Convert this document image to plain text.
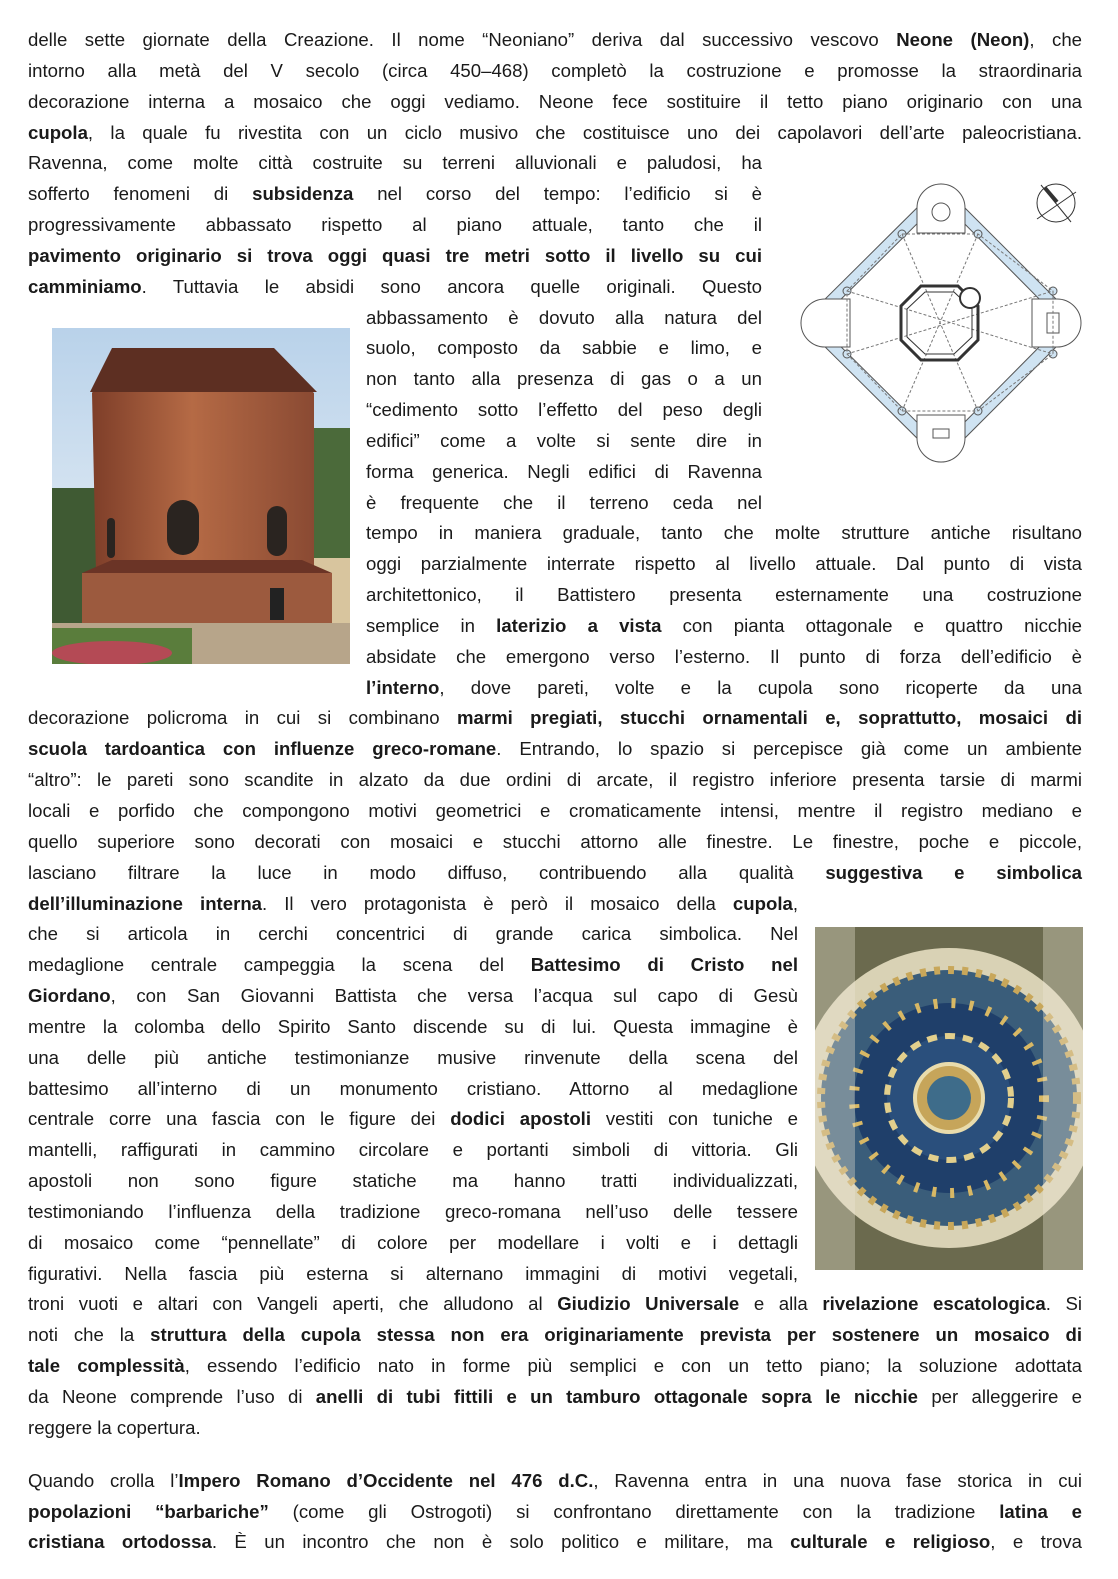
delle sette giornate della Creazione. Il nome “Neoniano” deriva dal successivo vescovo Neone (Neon), che
intorno alla metà del V secolo (circa 450–468) completò la costruzione e promosse la straordinaria
decorazione interna a mosaico che oggi vediamo. Neone fece sostituire il tetto piano originario con una
cupola, la quale fu rivestita con un ciclo musivo che costituisce uno dei capolavori dell’arte paleocristiana.
Ravenna, come molte città costruite su terreni alluvionali e paludosi, ha
sofferto fenomeni di subsidenza nel corso del tempo: l’edificio si è
progressivamente abbassato rispetto al piano attuale, tanto che il
pavimento originario si trova oggi quasi tre metri sotto il livello su cui
camminiamo. Tuttavia le absidi sono ancora quelle originali. Questo
abbassamento è dovuto alla natura del
suolo, composto da sabbie e limo, e
non tanto alla presenza di gas o a un
“cedimento sotto l’effetto del peso degli
edifici” come a volte si sente dire in
forma generica. Negli edifici di Ravenna
è frequente che il terreno ceda nel
tempo in maniera graduale, tanto che molte strutture antiche risultano
oggi parzialmente interrate rispetto al livello attuale. Dal punto di vista
architettonico, il Battistero presenta esternamente una costruzione
semplice in laterizio a vista con pianta ottagonale e quattro nicchie
absidate che emergono verso l’esterno. Il punto di forza dell’edificio è
l’interno, dove pareti, volte e la cupola sono ricoperte da una
decorazione policroma in cui si combinano marmi pregiati, stucchi ornamentali e, soprattutto, mosaici di
scuola tardoantica con influenze greco-romane. Entrando, lo spazio si percepisce già come un ambiente
“altro”: le pareti sono scandite in alzato da due ordini di arcate, il registro inferiore presenta tarsie di marmi
locali e porfido che compongono motivi geometrici e cromaticamente intensi, mentre il registro mediano e
quello superiore sono decorati con mosaici e stucchi attorno alle finestre. Le finestre, poche e piccole,
lasciano filtrare la luce in modo diffuso, contribuendo alla qualità suggestiva e simbolica
dell’illuminazione interna. Il vero protagonista è però il mosaico della cupola,
che si articola in cerchi concentrici di grande carica simbolica. Nel
medaglione centrale campeggia la scena del Battesimo di Cristo nel
Giordano, con San Giovanni Battista che versa l’acqua sul capo di Gesù
mentre la colomba dello Spirito Santo discende su di lui. Questa immagine è
una delle più antiche testimonianze musive rinvenute della scena del
battesimo all’interno di un monumento cristiano. Attorno al medaglione
centrale corre una fascia con le figure dei dodici apostoli vestiti con tuniche e
mantelli, raffigurati in cammino circolare e portanti simboli di vittoria. Gli
apostoli non sono figure statiche ma hanno tratti individualizzati,
testimoniando l’influenza della tradizione greco-romana nell’uso delle tessere
di mosaico come “pennellate” di colore per modellare i volti e i dettagli
figurativi. Nella fascia più esterna si alternano immagini di motivi vegetali,
troni vuoti e altari con Vangeli aperti, che alludono al Giudizio Universale e alla rivelazione escatologica. Si
noti che la struttura della cupola stessa non era originariamente prevista per sostenere un mosaico di
tale complessità, essendo l’edificio nato in forme più semplici e con un tetto piano; la soluzione adottata
da Neone comprende l’uso di anelli di tubi fittili e un tamburo ottagonale sopra le nicchie per alleggerire e
reggere la copertura.
Quando crolla l’Impero Romano d’Occidente nel 476 d.C., Ravenna entra in una nuova fase storica in cui
popolazioni “barbariche” (come gli Ostrogoti) si confrontano direttamente con la tradizione latina e
cristiana ortodossa. È un incontro che non è solo politico e militare, ma culturale e religioso, e trova
